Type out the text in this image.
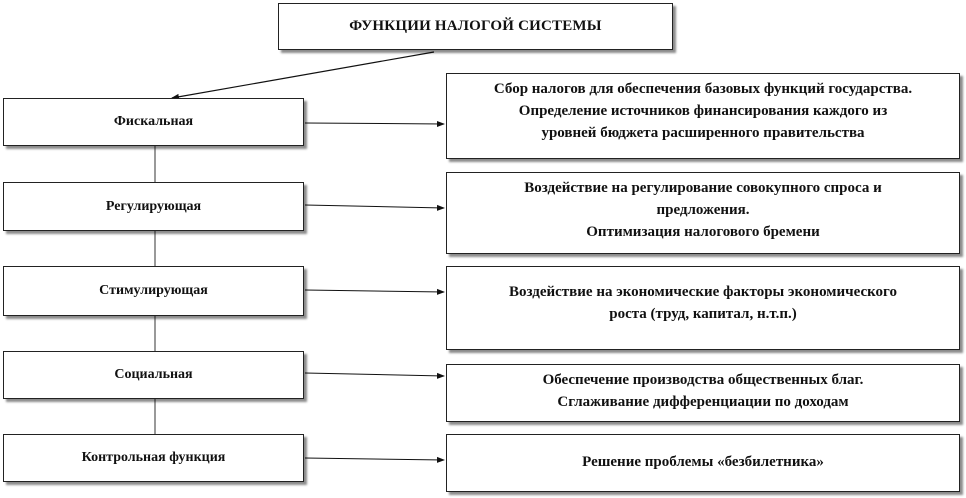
ФУНКЦИИ НАЛОГОЙ СИСТЕМЫ
Фискальная
Регулирующая
Стимулирующая
Социальная
Контрольная функция
Сбор налогов для обеспечения базовых функций государства.
Определение источников финансирования каждого из
уровней бюджета расширенного правительства
Воздействие на регулирование совокупного спроса и
предложения.
Оптимизация налогового бремени
Воздействие на экономические факторы экономического
роста (труд, капитал, н.т.п.)
Обеспечение производства общественных благ.
Сглаживание дифференциации по доходам
Решение проблемы «безбилетника»
